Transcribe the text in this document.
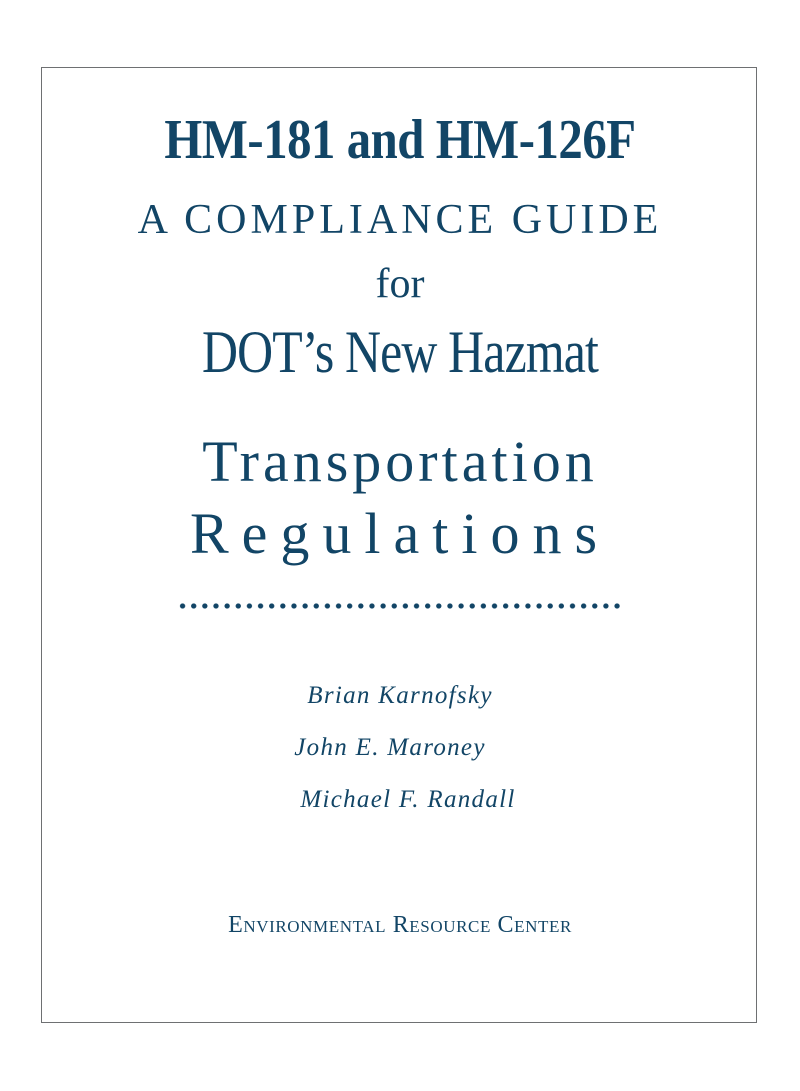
HM-181 and HM-126F
A COMPLIANCE GUIDE
for
DOT’s New Hazmat
Transportation
Regulations
Brian Karnofsky
John E. Maroney
Michael F. Randall
Environmental Resource Center
